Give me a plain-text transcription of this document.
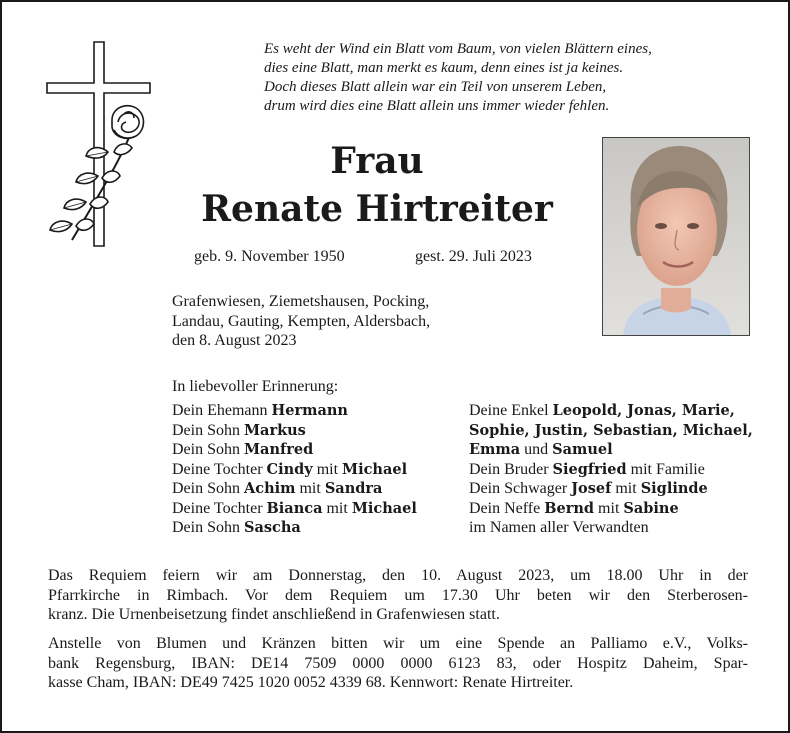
Es weht der Wind ein Blatt vom Baum, von vielen Blättern eines,
dies eine Blatt, man merkt es kaum, denn eines ist ja keines.
Doch dieses Blatt allein war ein Teil von unserem Leben,
drum wird dies eine Blatt allein uns immer wieder fehlen.
Frau
Renate Hirtreiter
geb. 9. November 1950	gest. 29. Juli 2023
Grafenwiesen, Ziemetshausen, Pocking,
Landau, Gauting, Kempten, Aldersbach,
den 8. August 2023
In liebevoller Erinnerung:
Dein Ehemann Hermann
Dein Sohn Markus
Dein Sohn Manfred
Deine Tochter Cindy mit Michael
Dein Sohn Achim mit Sandra
Deine Tochter Bianca mit Michael
Dein Sohn Sascha
Deine Enkel Leopold, Jonas, Marie,
Sophie, Justin, Sebastian, Michael,
Emma und Samuel
Dein Bruder Siegfried mit Familie
Dein Schwager Josef mit Siglinde
Dein Neffe Bernd mit Sabine
im Namen aller Verwandten
Das Requiem feiern wir am Donnerstag, den 10. August 2023, um 18.00 Uhr in der
Pfarrkirche in Rimbach. Vor dem Requiem um 17.30 Uhr beten wir den Sterberosen-
kranz. Die Urnenbeisetzung findet anschließend in Grafenwiesen statt.
Anstelle von Blumen und Kränzen bitten wir um eine Spende an Palliamo e.V., Volks-
bank Regensburg, IBAN: DE14 7509 0000 0000 6123 83, oder Hospitz Daheim, Spar-
kasse Cham, IBAN: DE49 7425 1020 0052 4339 68. Kennwort: Renate Hirtreiter.
